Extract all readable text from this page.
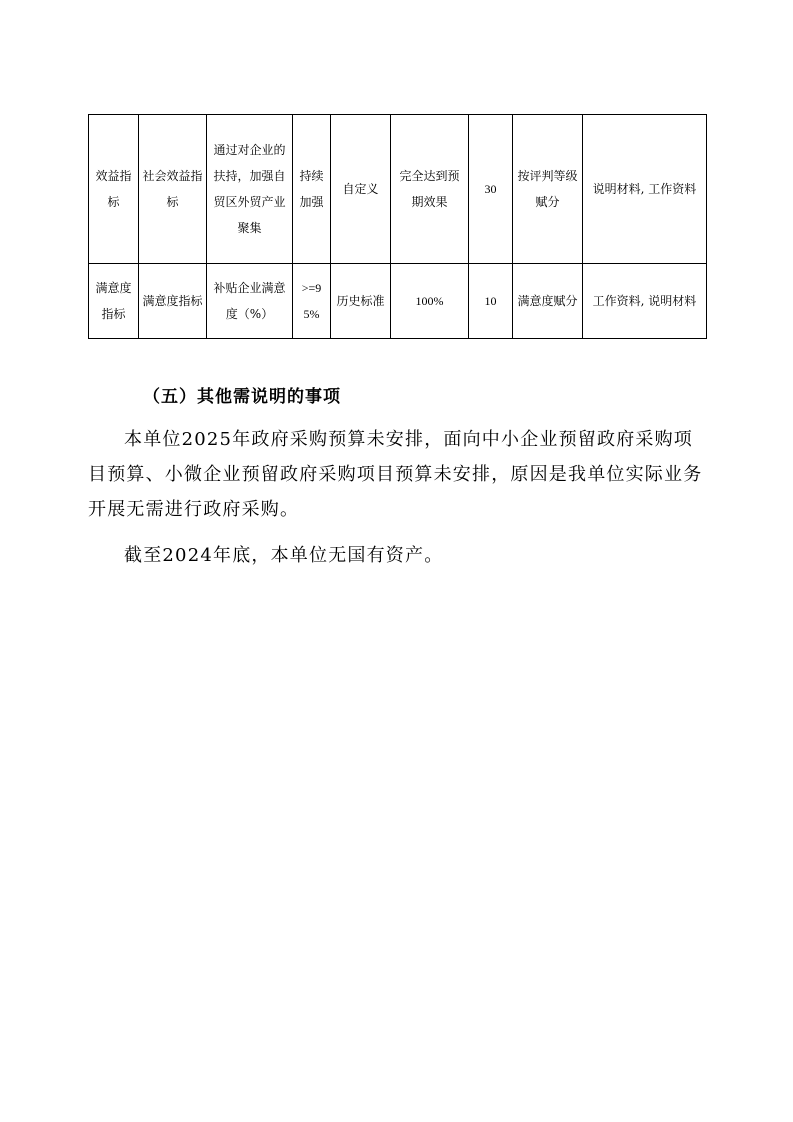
效益指标	社会效益指标	通过对企业的扶持，加强自贸区外贸产业聚集	持续加强	自定义	完全达到预期效果	30	按评判等级赋分	说明材料, 工作资料
满意度指标	满意度指标	补贴企业满意度（%）	>=95%	历史标准	100%	10	满意度赋分	工作资料, 说明材料
（五）其他需说明的事项

本单位2025年政府采购预算未安排，面向中小企业预留政府采购项目预算、小微企业预留政府采购项目预算未安排，原因是我单位实际业务开展无需进行政府采购。

截至2024年底，本单位无国有资产。
